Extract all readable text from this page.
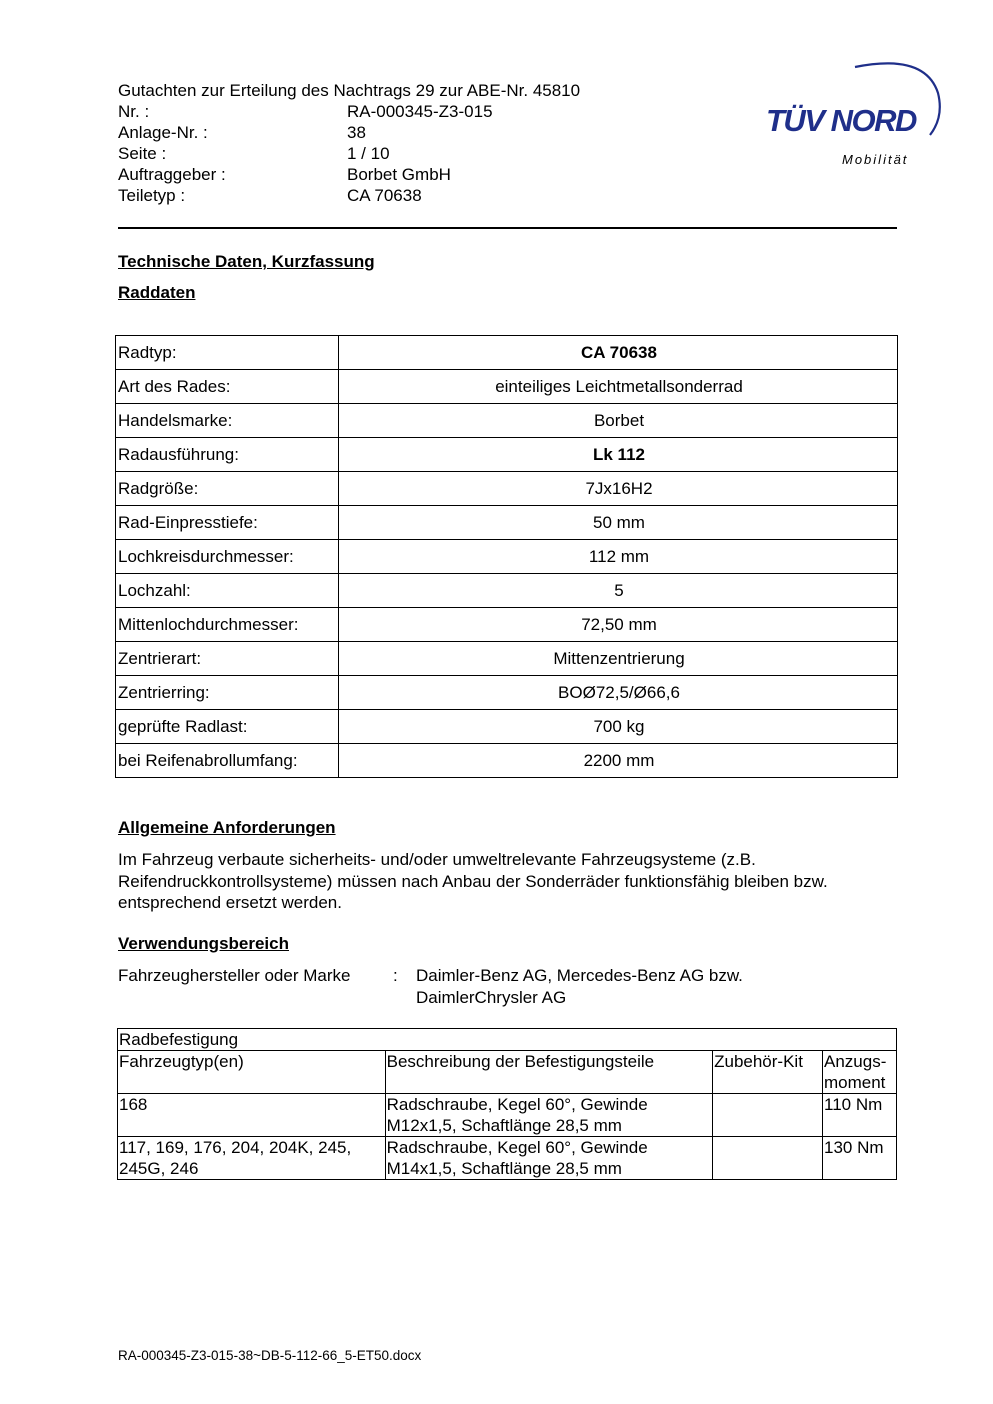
Gutachten zur Erteilung des Nachtrags 29 zur ABE-Nr. 45810
Nr. :	RA-000345-Z3-015
Anlage-Nr. :	38
Seite :	1 / 10
Auftraggeber :	Borbet GmbH
Teiletyp :	CA 70638
TÜV NORD
Mobilität
Technische Daten, Kurzfassung
Raddaten
Radtyp:	CA 70638
Art des Rades:	einteiliges Leichtmetallsonderrad
Handelsmarke:	Borbet
Radausführung:	Lk 112
Radgröße:	7Jx16H2
Rad-Einpresstiefe:	50 mm
Lochkreisdurchmesser:	112 mm
Lochzahl:	5
Mittenlochdurchmesser:	72,50 mm
Zentrierart:	Mittenzentrierung
Zentrierring:	BOØ72,5/Ø66,6
geprüfte Radlast:	700 kg
bei Reifenabrollumfang:	2200 mm
Allgemeine Anforderungen
Im Fahrzeug verbaute sicherheits- und/oder umweltrelevante Fahrzeugsysteme (z.B. Reifendruckkontrollsysteme) müssen nach Anbau der Sonderräder funktionsfähig bleiben bzw. entsprechend ersetzt werden.
Verwendungsbereich
Fahrzeughersteller oder Marke	: Daimler-Benz AG, Mercedes-Benz AG bzw.
DaimlerChrysler AG
Radbefestigung			
Fahrzeugtyp(en)	Beschreibung der Befestigungsteile	Zubehör-Kit	Anzugs-
moment

168	Radschraube, Kegel 60°, Gewinde
M12x1,5, Schaftlänge 28,5 mm		110 Nm
117, 169, 176, 204, 204K, 245, 245G, 246	Radschraube, Kegel 60°, Gewinde
M14x1,5, Schaftlänge 28,5 mm		130 Nm
RA-000345-Z3-015-38~DB-5-112-66_5-ET50.docx
